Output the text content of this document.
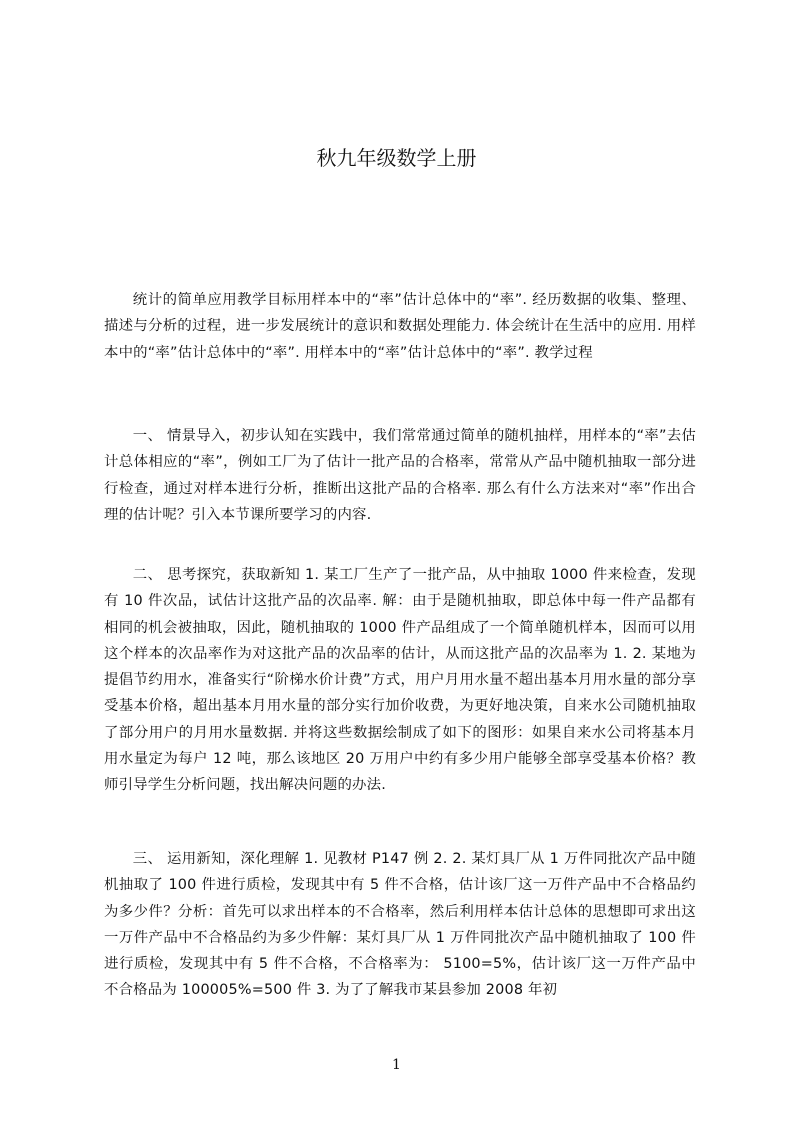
秋九年级数学上册

统计的简单应用教学目标用样本中的“率”估计总体中的“率”. 经历数据的收集、整理、描述与分析的过程，进一步发展统计的意识和数据处理能力. 体会统计在生活中的应用. 用样本中的“率”估计总体中的“率”. 用样本中的“率”估计总体中的“率”. 教学过程

一、 情景导入，初步认知在实践中，我们常常通过简单的随机抽样，用样本的“率”去估计总体相应的“率”，例如工厂为了估计一批产品的合格率，常常从产品中随机抽取一部分进行检查，通过对样本进行分析，推断出这批产品的合格率. 那么有什么方法来对“率”作出合理的估计呢？引入本节课所要学习的内容.

二、 思考探究，获取新知 1. 某工厂生产了一批产品，从中抽取 1000 件来检查，发现有 10 件次品，试估计这批产品的次品率. 解：由于是随机抽取，即总体中每一件产品都有相同的机会被抽取，因此，随机抽取的 1000 件产品组成了一个简单随机样本，因而可以用这个样本的次品率作为对这批产品的次品率的估计，从而这批产品的次品率为 1. 2. 某地为提倡节约用水，准备实行“阶梯水价计费”方式，用户月用水量不超出基本月用水量的部分享受基本价格，超出基本月用水量的部分实行加价收费，为更好地决策，自来水公司随机抽取了部分用户的月用水量数据. 并将这些数据绘制成了如下的图形：如果自来水公司将基本月用水量定为每户 12 吨，那么该地区 20 万用户中约有多少用户能够全部享受基本价格？教师引导学生分析问题，找出解决问题的办法.

三、 运用新知，深化理解 1. 见教材 P147 例 2. 2. 某灯具厂从 1 万件同批次产品中随机抽取了 100 件进行质检，发现其中有 5 件不合格，估计该厂这一万件产品中不合格品约为多少件？分析：首先可以求出样本的不合格率，然后利用样本估计总体的思想即可求出这一万件产品中不合格品约为多少件解：某灯具厂从 1 万件同批次产品中随机抽取了 100 件进行质检，发现其中有 5 件不合格，不合格率为： 5100=5%，估计该厂这一万件产品中不合格品为 100005%=500 件 3. 为了了解我市某县参加 2008 年初

1
